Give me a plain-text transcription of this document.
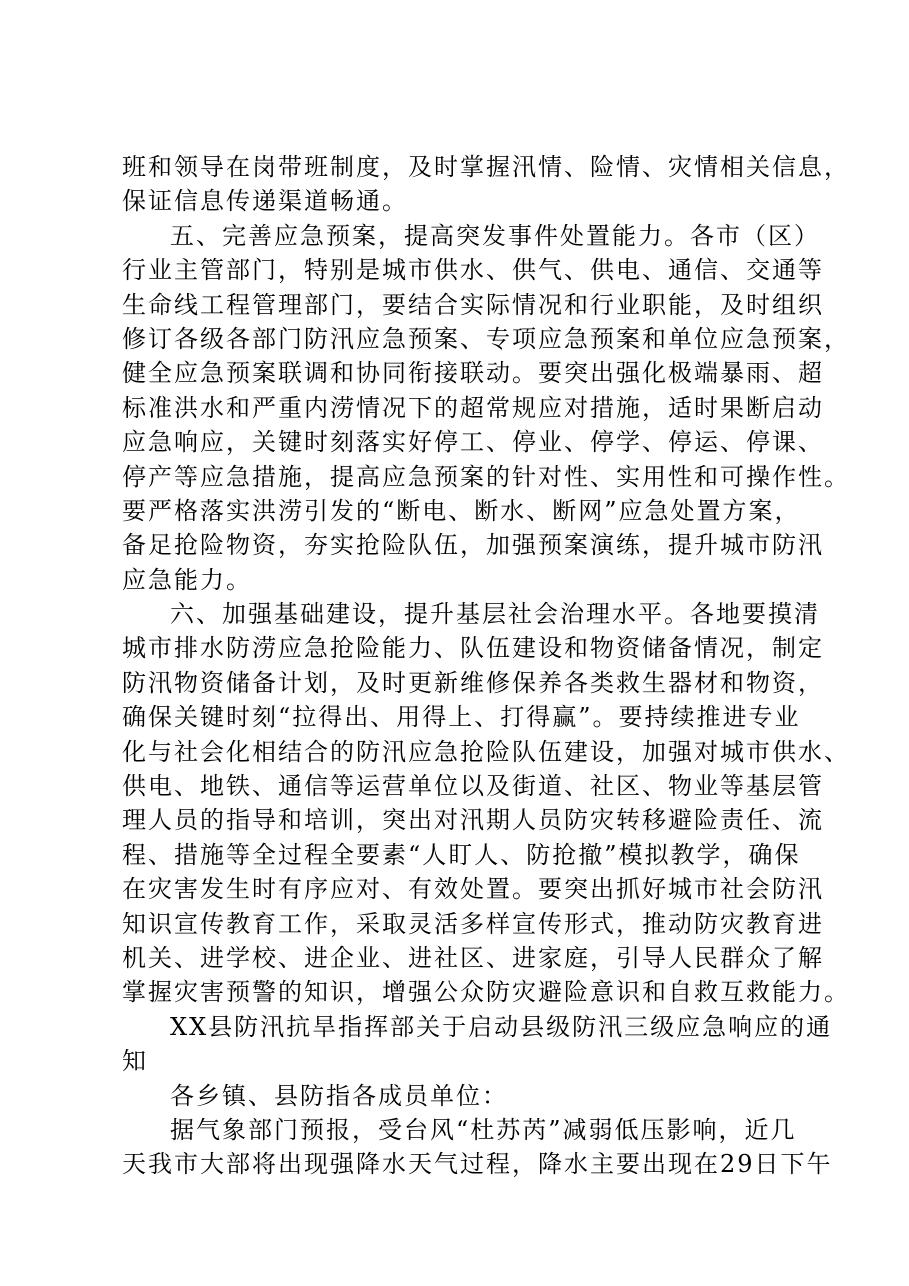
班和领导在岗带班制度，及时掌握汛情、险情、灾情相关信息，
保证信息传递渠道畅通。
五、完善应急预案，提高突发事件处置能力。各市（区）
行业主管部门，特别是城市供水、供气、供电、通信、交通等
生命线工程管理部门，要结合实际情况和行业职能，及时组织
修订各级各部门防汛应急预案、专项应急预案和单位应急预案，
健全应急预案联调和协同衔接联动。要突出强化极端暴雨、超
标准洪水和严重内涝情况下的超常规应对措施，适时果断启动
应急响应，关键时刻落实好停工、停业、停学、停运、停课、
停产等应急措施，提高应急预案的针对性、实用性和可操作性。
要严格落实洪涝引发的“断电、断水、断网”应急处置方案，
备足抢险物资，夯实抢险队伍，加强预案演练，提升城市防汛
应急能力。
六、加强基础建设，提升基层社会治理水平。各地要摸清
城市排水防涝应急抢险能力、队伍建设和物资储备情况，制定
防汛物资储备计划，及时更新维修保养各类救生器材和物资，
确保关键时刻“拉得出、用得上、打得赢”。要持续推进专业
化与社会化相结合的防汛应急抢险队伍建设，加强对城市供水、
供电、地铁、通信等运营单位以及街道、社区、物业等基层管
理人员的指导和培训，突出对汛期人员防灾转移避险责任、流
程、措施等全过程全要素“人盯人、防抢撤”模拟教学，确保
在灾害发生时有序应对、有效处置。要突出抓好城市社会防汛
知识宣传教育工作，采取灵活多样宣传形式，推动防灾教育进
机关、进学校、进企业、进社区、进家庭，引导人民群众了解
掌握灾害预警的知识，增强公众防灾避险意识和自救互救能力。
XX县防汛抗旱指挥部关于启动县级防汛三级应急响应的通
知
各乡镇、县防指各成员单位：
据气象部门预报，受台风“杜苏芮”减弱低压影响，近几
天我市大部将出现强降水天气过程，降水主要出现在29日下午
